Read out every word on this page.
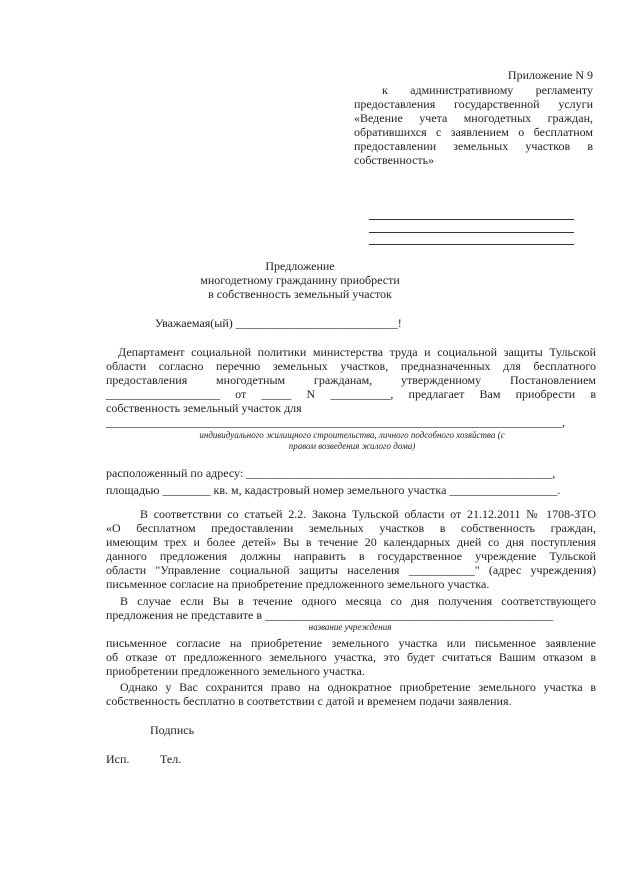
Приложение N 9
к административному регламенту
предоставления государственной услуги
«Ведение учета многодетных граждан,
обратившихся с заявлением о бесплатном
предоставлении земельных участков в
собственность»
Предложение
многодетному гражданину приобрести
в собственность земельный участок
Уважаемая(ый) ___________________________!
Департамент социальной политики министерства труда и социальной защиты Тульской
области согласно перечню земельных участков, предназначенных для бесплатного
предоставления многодетным гражданам, утвержденному Постановлением
___________________ от _____ N __________, предлагает Вам приобрести в
собственность земельный участок для
____________________________________________________________________________,
индивидуального жилищного строительства, личного подсобного хозяйства (с
правом возведения жилого дома)
расположенный по адресу: ___________________________________________________,
площадью ________ кв. м, кадастровый номер земельного участка __________________.
В соответствии со статьей 2.2. Закона Тульской области от 21.12.2011 № 1708-ЗТО
«О бесплатном предоставлении земельных участков в собственность граждан,
имеющим трех и более детей» Вы в течение 20 календарных дней со дня поступления
данного предложения должны направить в государственное учреждение Тульской
области "Управление социальной защиты населения ___________" (адрес учреждения)
письменное согласие на приобретение предложенного земельного участка.
В случае если Вы в течение одного месяца со дня получения соответствующего
предложения не представите в ________________________________________________
название учреждения
письменное согласие на приобретение земельного участка или письменное заявление
об отказе от предложенного земельного участка, это будет считаться Вашим отказом в
приобретении предложенного земельного участка.
Однако у Вас сохранится право на однократное приобретение земельного участка в
собственность бесплатно в соответствии с датой и временем подачи заявления.
Подпись
Исп.	Тел.
